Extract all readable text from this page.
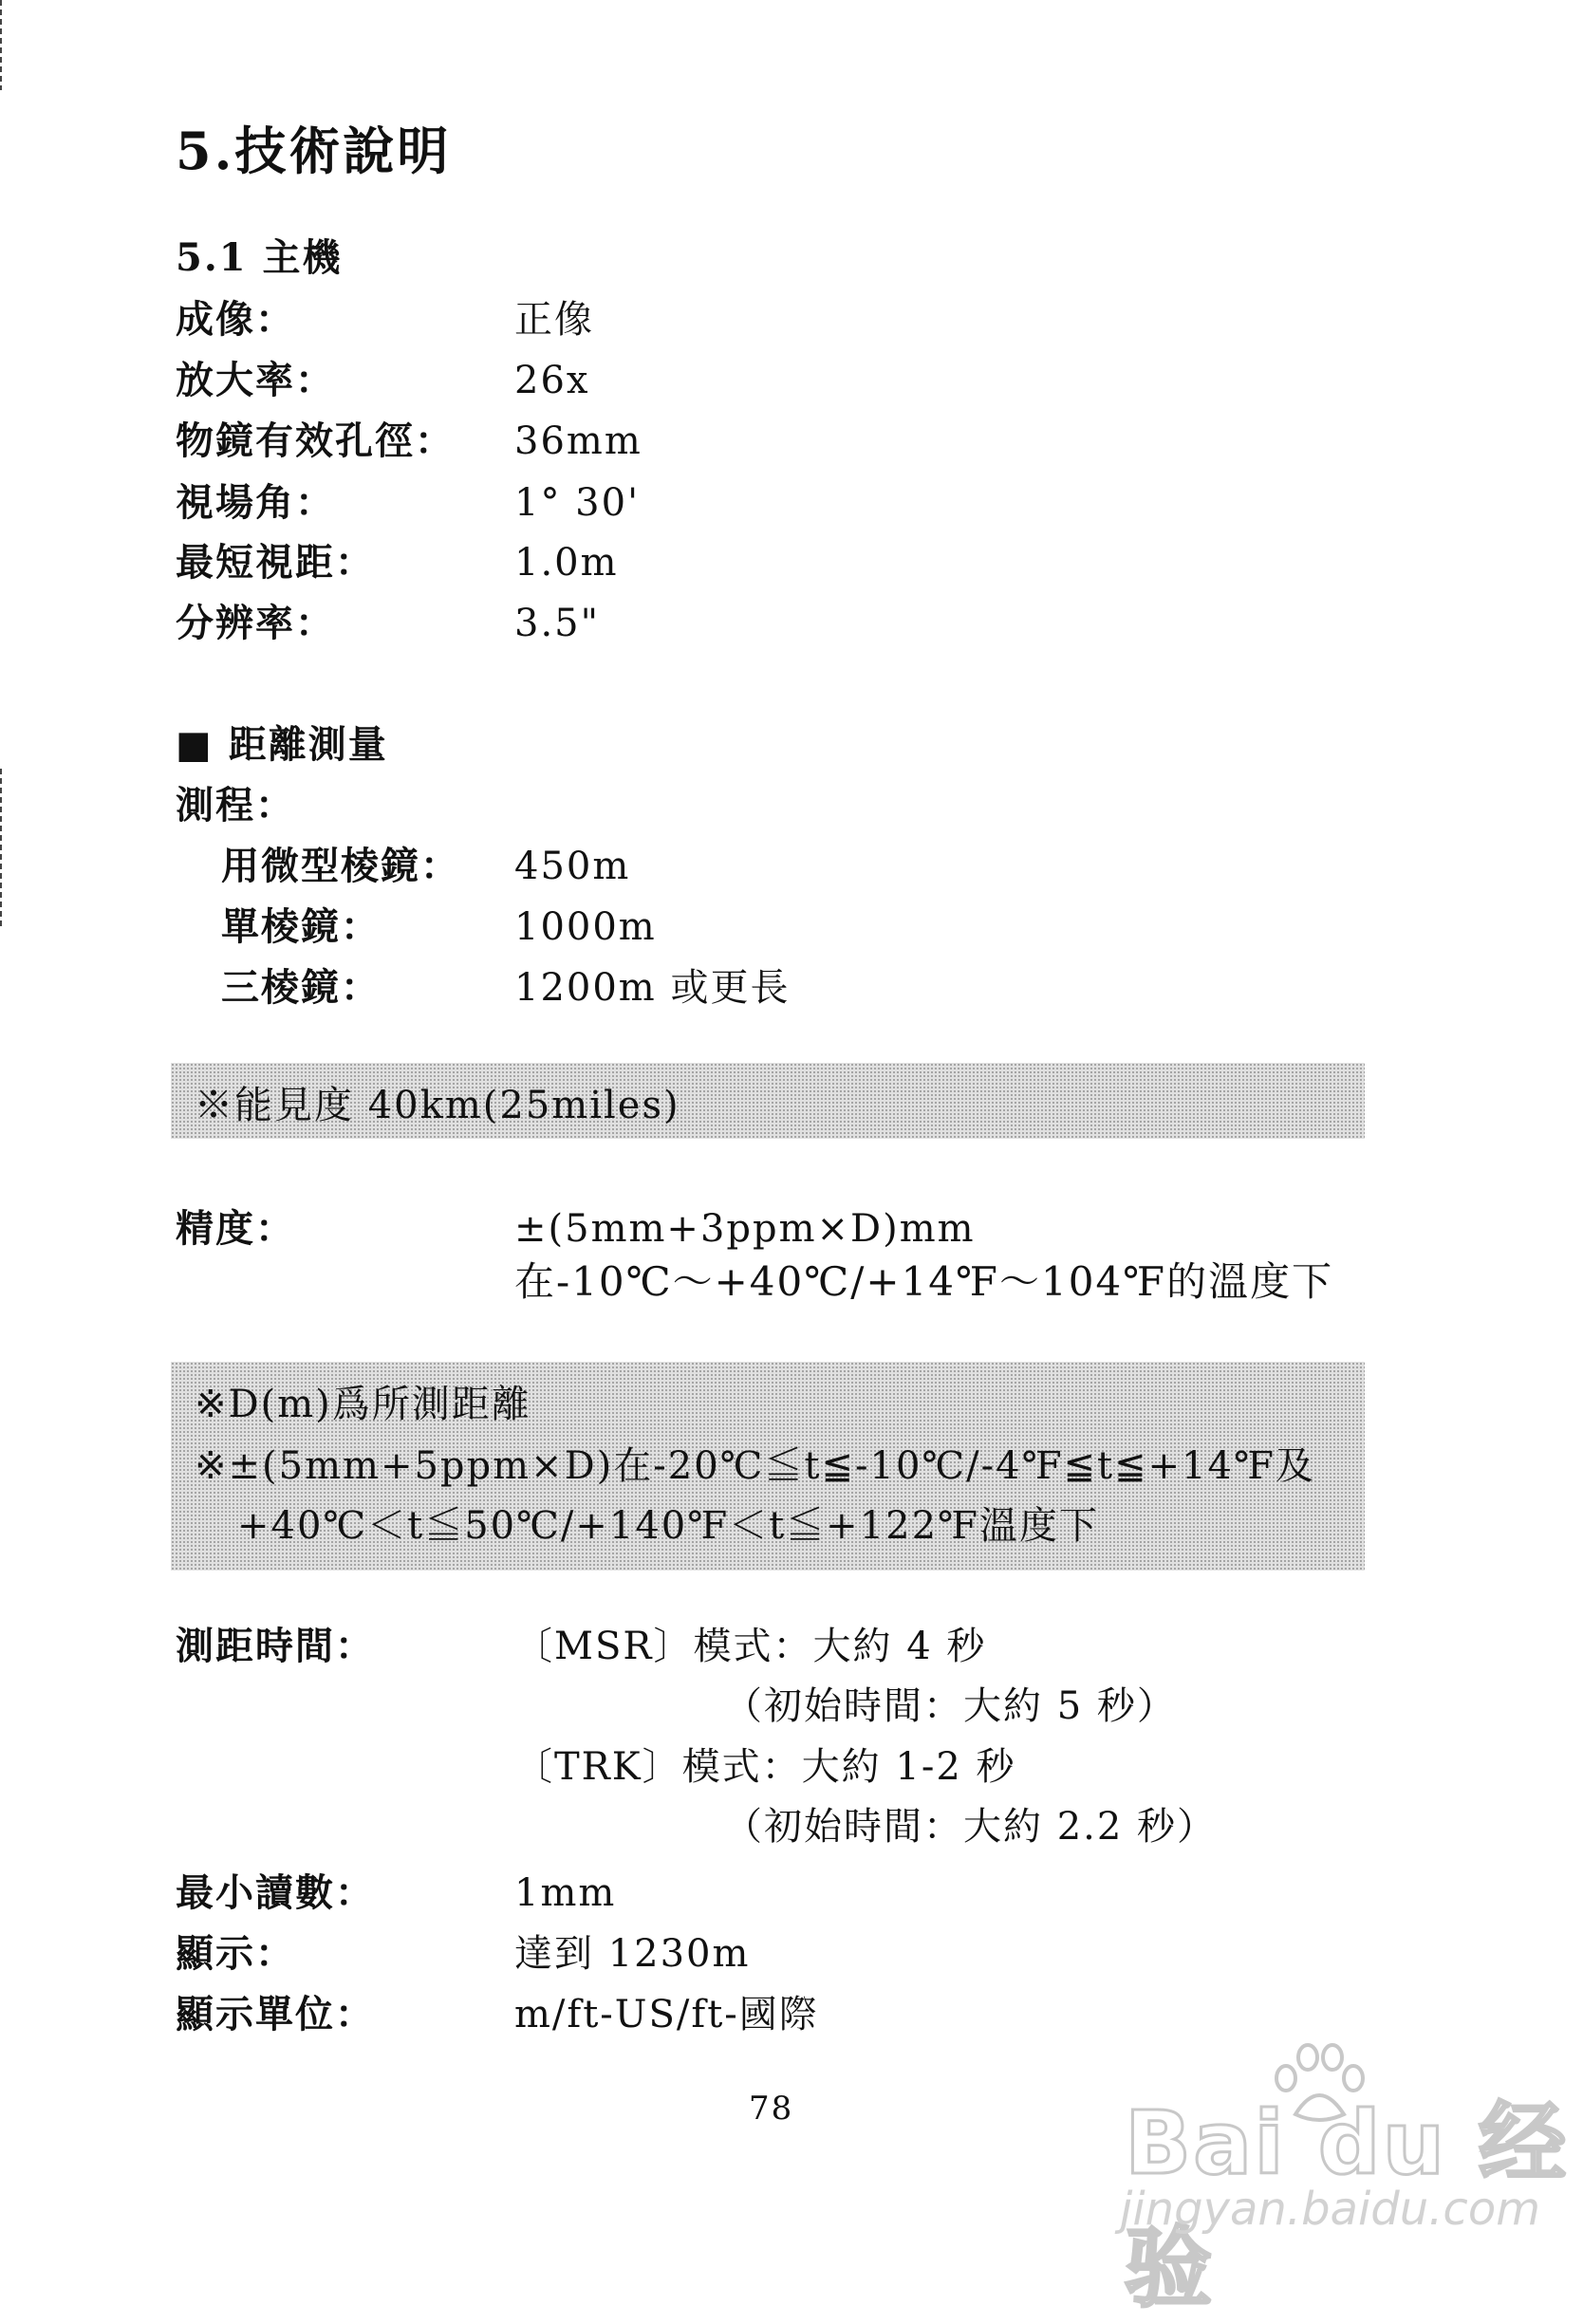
5.技術說明
5.1 主機
成像：	正像
放大率：	26x
物鏡有效孔徑： 36mm
視場角：	1° 30'
最短視距：	1.0m
分辨率：	3.5"
■ 距離測量
測程：
用微型棱鏡： 450m
單棱鏡：	1000m
三棱鏡：	1200m 或更長
※能見度 40km(25miles)
精度：	±(5mm+3ppm×D)mm
在-10℃～+40℃/+14℉～104℉的溫度下
※D(m)爲所測距離
※±(5mm+5ppm×D)在-20℃≦t≦-10℃/-4℉≦t≦+14℉及
+40℃＜t≦50℃/+140℉＜t≦+122℉溫度下
測距時間：	〔MSR〕模式：大約 4 秒
（初始時間：大約 5 秒）
〔TRK〕模式：大約 1-2 秒
（初始時間：大約 2.2 秒）
最小讀數：	1mm
顯示：	達到 1230m
顯示單位：	m/ft-US/ft-國際
78	Bai du 经验
jingyan.baidu.com
